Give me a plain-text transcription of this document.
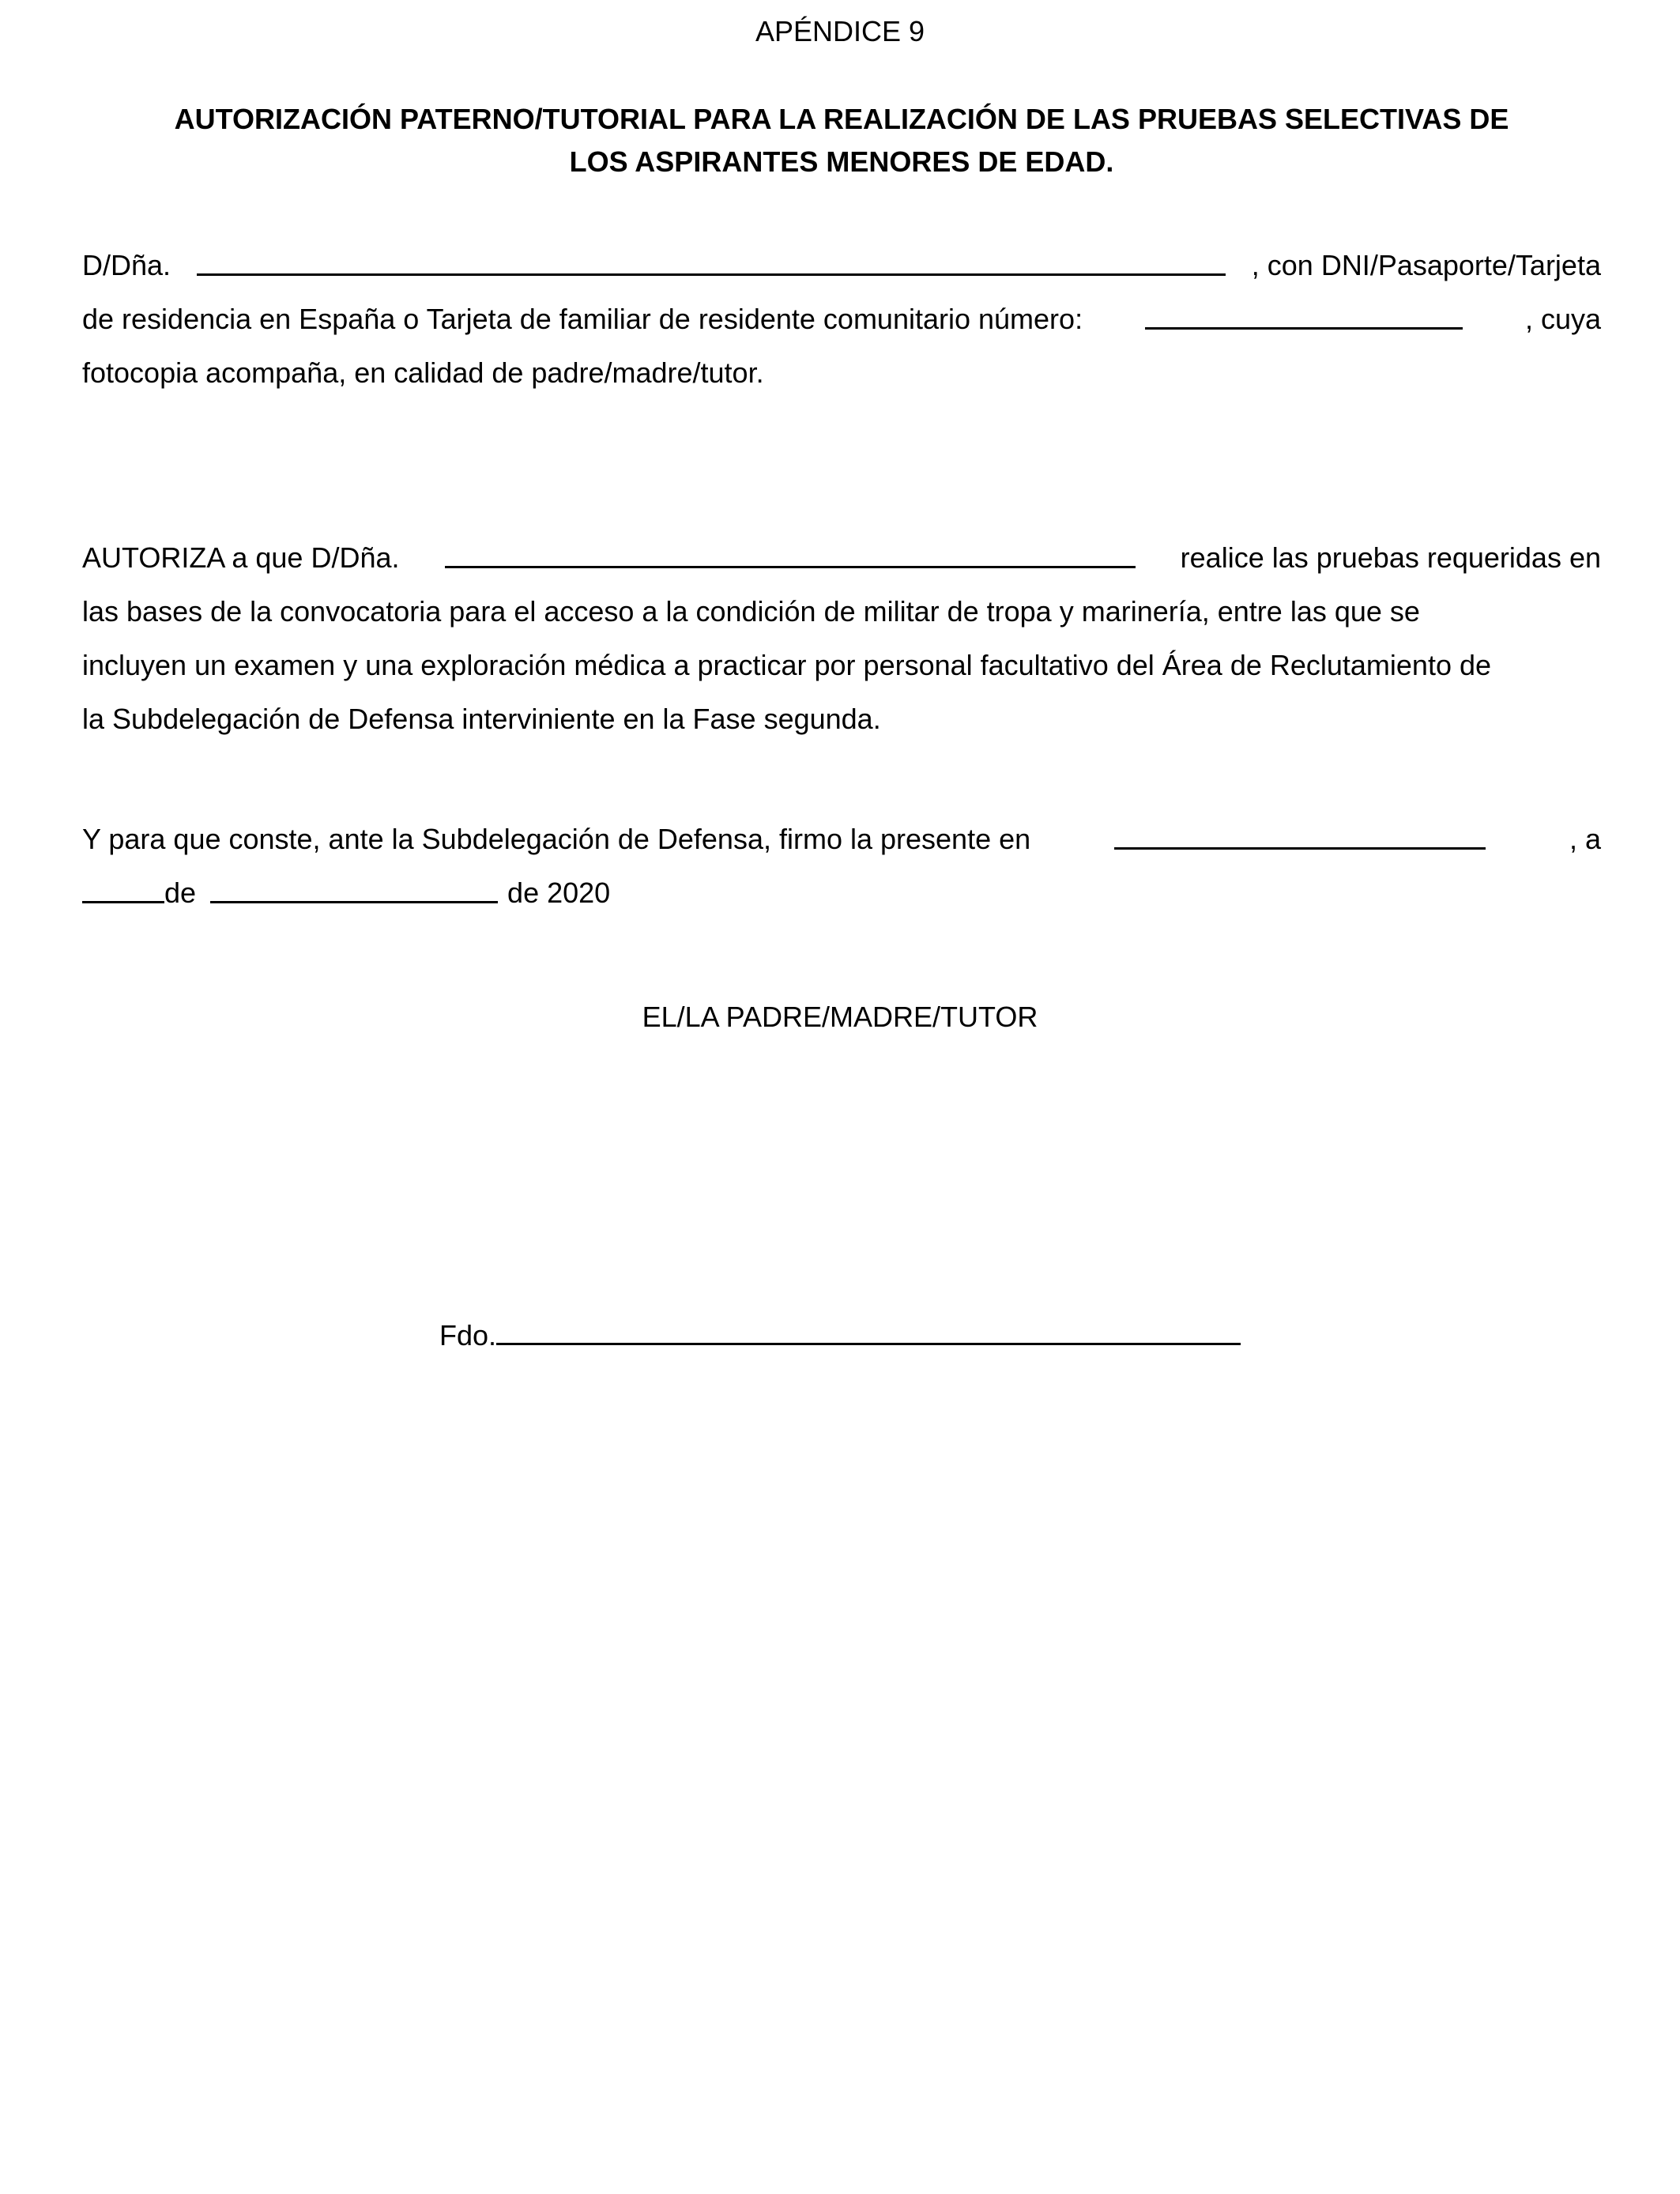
APÉNDICE 9
AUTORIZACIÓN PATERNO/TUTORIAL PARA LA REALIZACIÓN DE LAS PRUEBAS SELECTIVAS DE
LOS ASPIRANTES MENORES DE EDAD.
D/Dña.	, con DNI/Pasaporte/Tarjeta
de residencia en España o Tarjeta de familiar de residente comunitario número:	, cuya
fotocopia acompaña, en calidad de padre/madre/tutor.
AUTORIZA a que D/Dña.	realice las pruebas requeridas en
las bases de la convocatoria para el acceso a la condición de militar de tropa y marinería, entre las que se
incluyen un examen y una exploración médica a practicar por personal facultativo del Área de Reclutamiento de
la Subdelegación de Defensa interviniente en la Fase segunda.
Y para que conste, ante la Subdelegación de Defensa, firmo la presente en	, a
de	de 2020
EL/LA PADRE/MADRE/TUTOR
Fdo.
